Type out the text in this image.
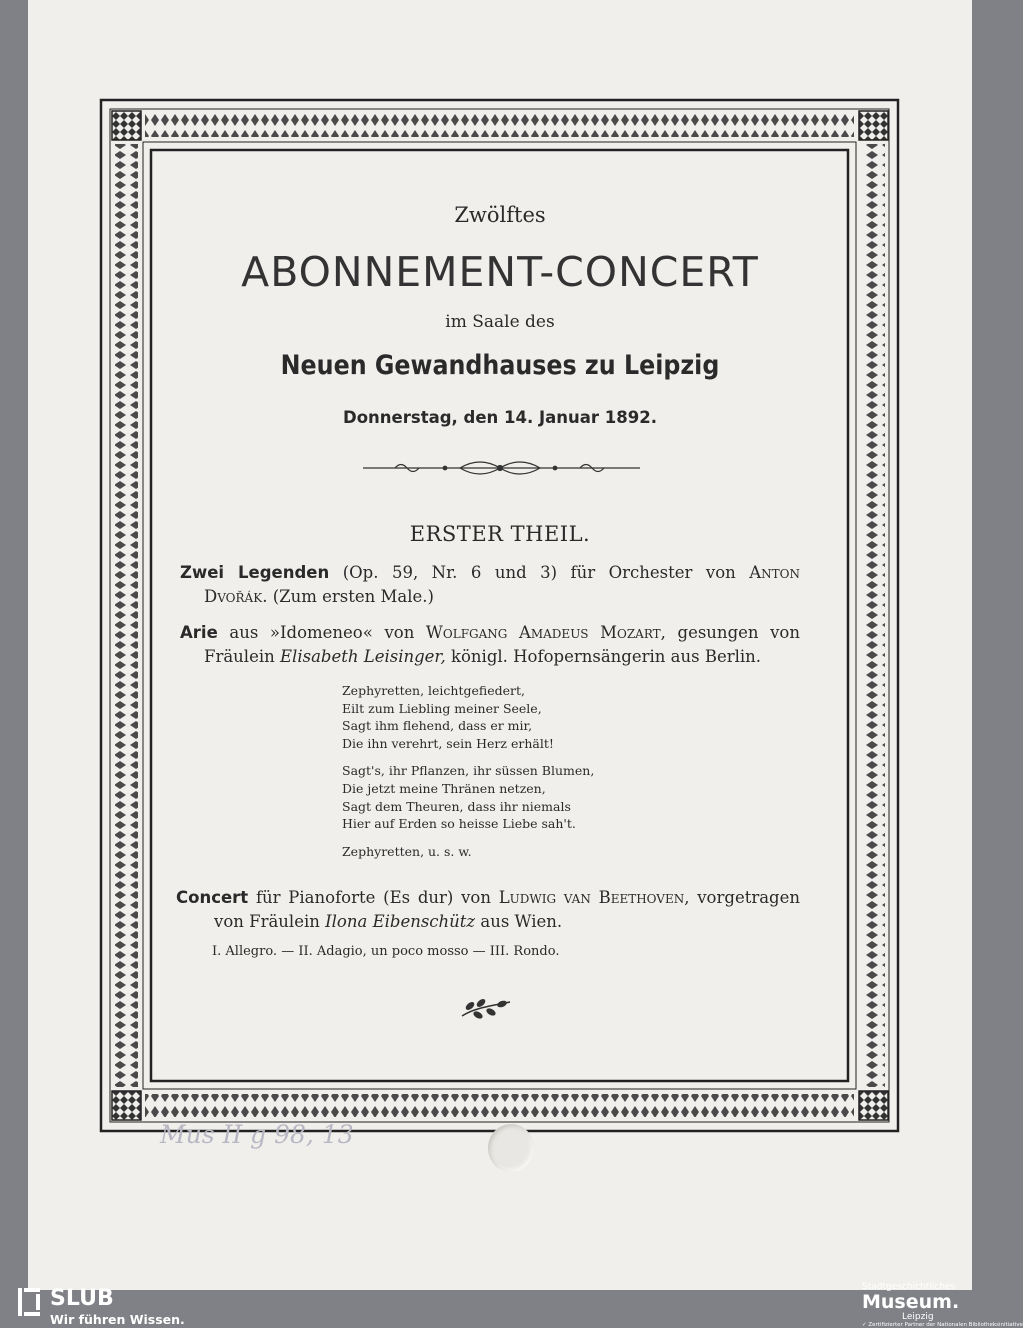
Zwölftes
ABONNEMENT-CONCERT
im Saale des
Neuen Gewandhauses zu Leipzig
Donnerstag, den 14. Januar 1892.
ERSTER THEIL.
Zwei Legenden (Op. 59, Nr. 6 und 3) für Orchester von Anton
Dvořák. (Zum ersten Male.)
Arie aus »Idomeneo« von Wolfgang Amadeus Mozart, gesungen von
Fräulein Elisabeth Leisinger, königl. Hofopernsängerin aus Berlin.
Zephyretten, leichtgefiedert,
Eilt zum Liebling meiner Seele,
Sagt ihm flehend, dass er mir,
Die ihn verehrt, sein Herz erhält!
Sagt's, ihr Pflanzen, ihr süssen Blumen,
Die jetzt meine Thränen netzen,
Sagt dem Theuren, dass ihr niemals
Hier auf Erden so heisse Liebe sah't.
Zephyretten, u. s. w.
Concert für Pianoforte (Es dur) von Ludwig van Beethoven, vorgetragen
von Fräulein Ilona Eibenschütz aus Wien.
I. Allegro. — II. Adagio, un poco mosso — III. Rondo.
Mus II g 98, 13
SLUB
Wir führen Wissen.
Stadtgeschichtliches
Museum.
Leipzig
✓ Zertifizierter Partner der Nationalen Bibliotheksinitiative
